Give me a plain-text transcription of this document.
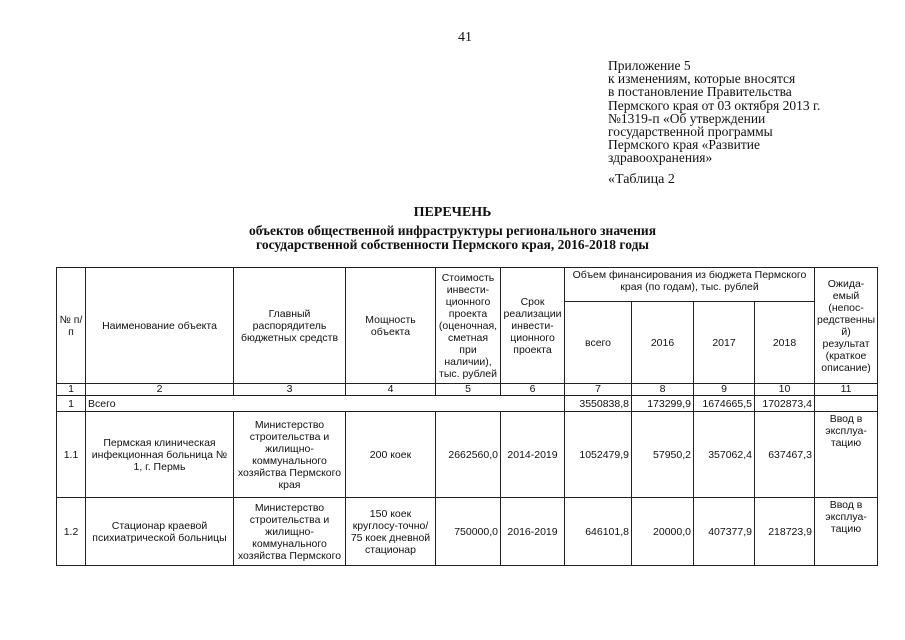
41
Приложение 5
к изменениям, которые вносятся
в постановление Правительства
Пермского края от 03 октября 2013 г.
№1319-п «Об утверждении
государственной программы
Пермского края «Развитие
здравоохранения»
«Таблица 2
ПЕРЕЧЕНЬ
объектов общественной инфраструктуры регионального значения
государственной собственности Пермского края, 2016-2018 годы
№ п/п	Наименование объекта	Главный распорядитель бюджетных средств	Мощность объекта	Стоимость инвести-ционного проекта (оценочная, сметная при наличии), тыс. рублей	Срок реализации инвести-ционного проекта	Объем финансирования из бюджета Пермского края (по годам), тыс. рублей				Ожида-емый (непос-редственны й) результат (краткое описание)
						всего	2016	2017	2018	
1	2	3	4	5	6	7	8	9	10	11
1	Всего					3550838,8	173299,9	1674665,5	1702873,4	
1.1	Пермская клиническая инфекционная больница № 1, г. Пермь	Министерство строительства и жилищно-коммунального хозяйства Пермского края	200 коек	2662560,0	2014-2019	1052479,9	57950,2	357062,4	637467,3	Ввод в эксплуа-тацию
1.2	Стационар краевой психиатрической больницы	Министерство строительства и жилищно-коммунального хозяйства Пермского	150 коек круглосу-точно/ 75 коек дневной стационар	750000,0	2016-2019	646101,8	20000,0	407377,9	218723,9	Ввод в эксплуа-тацию
